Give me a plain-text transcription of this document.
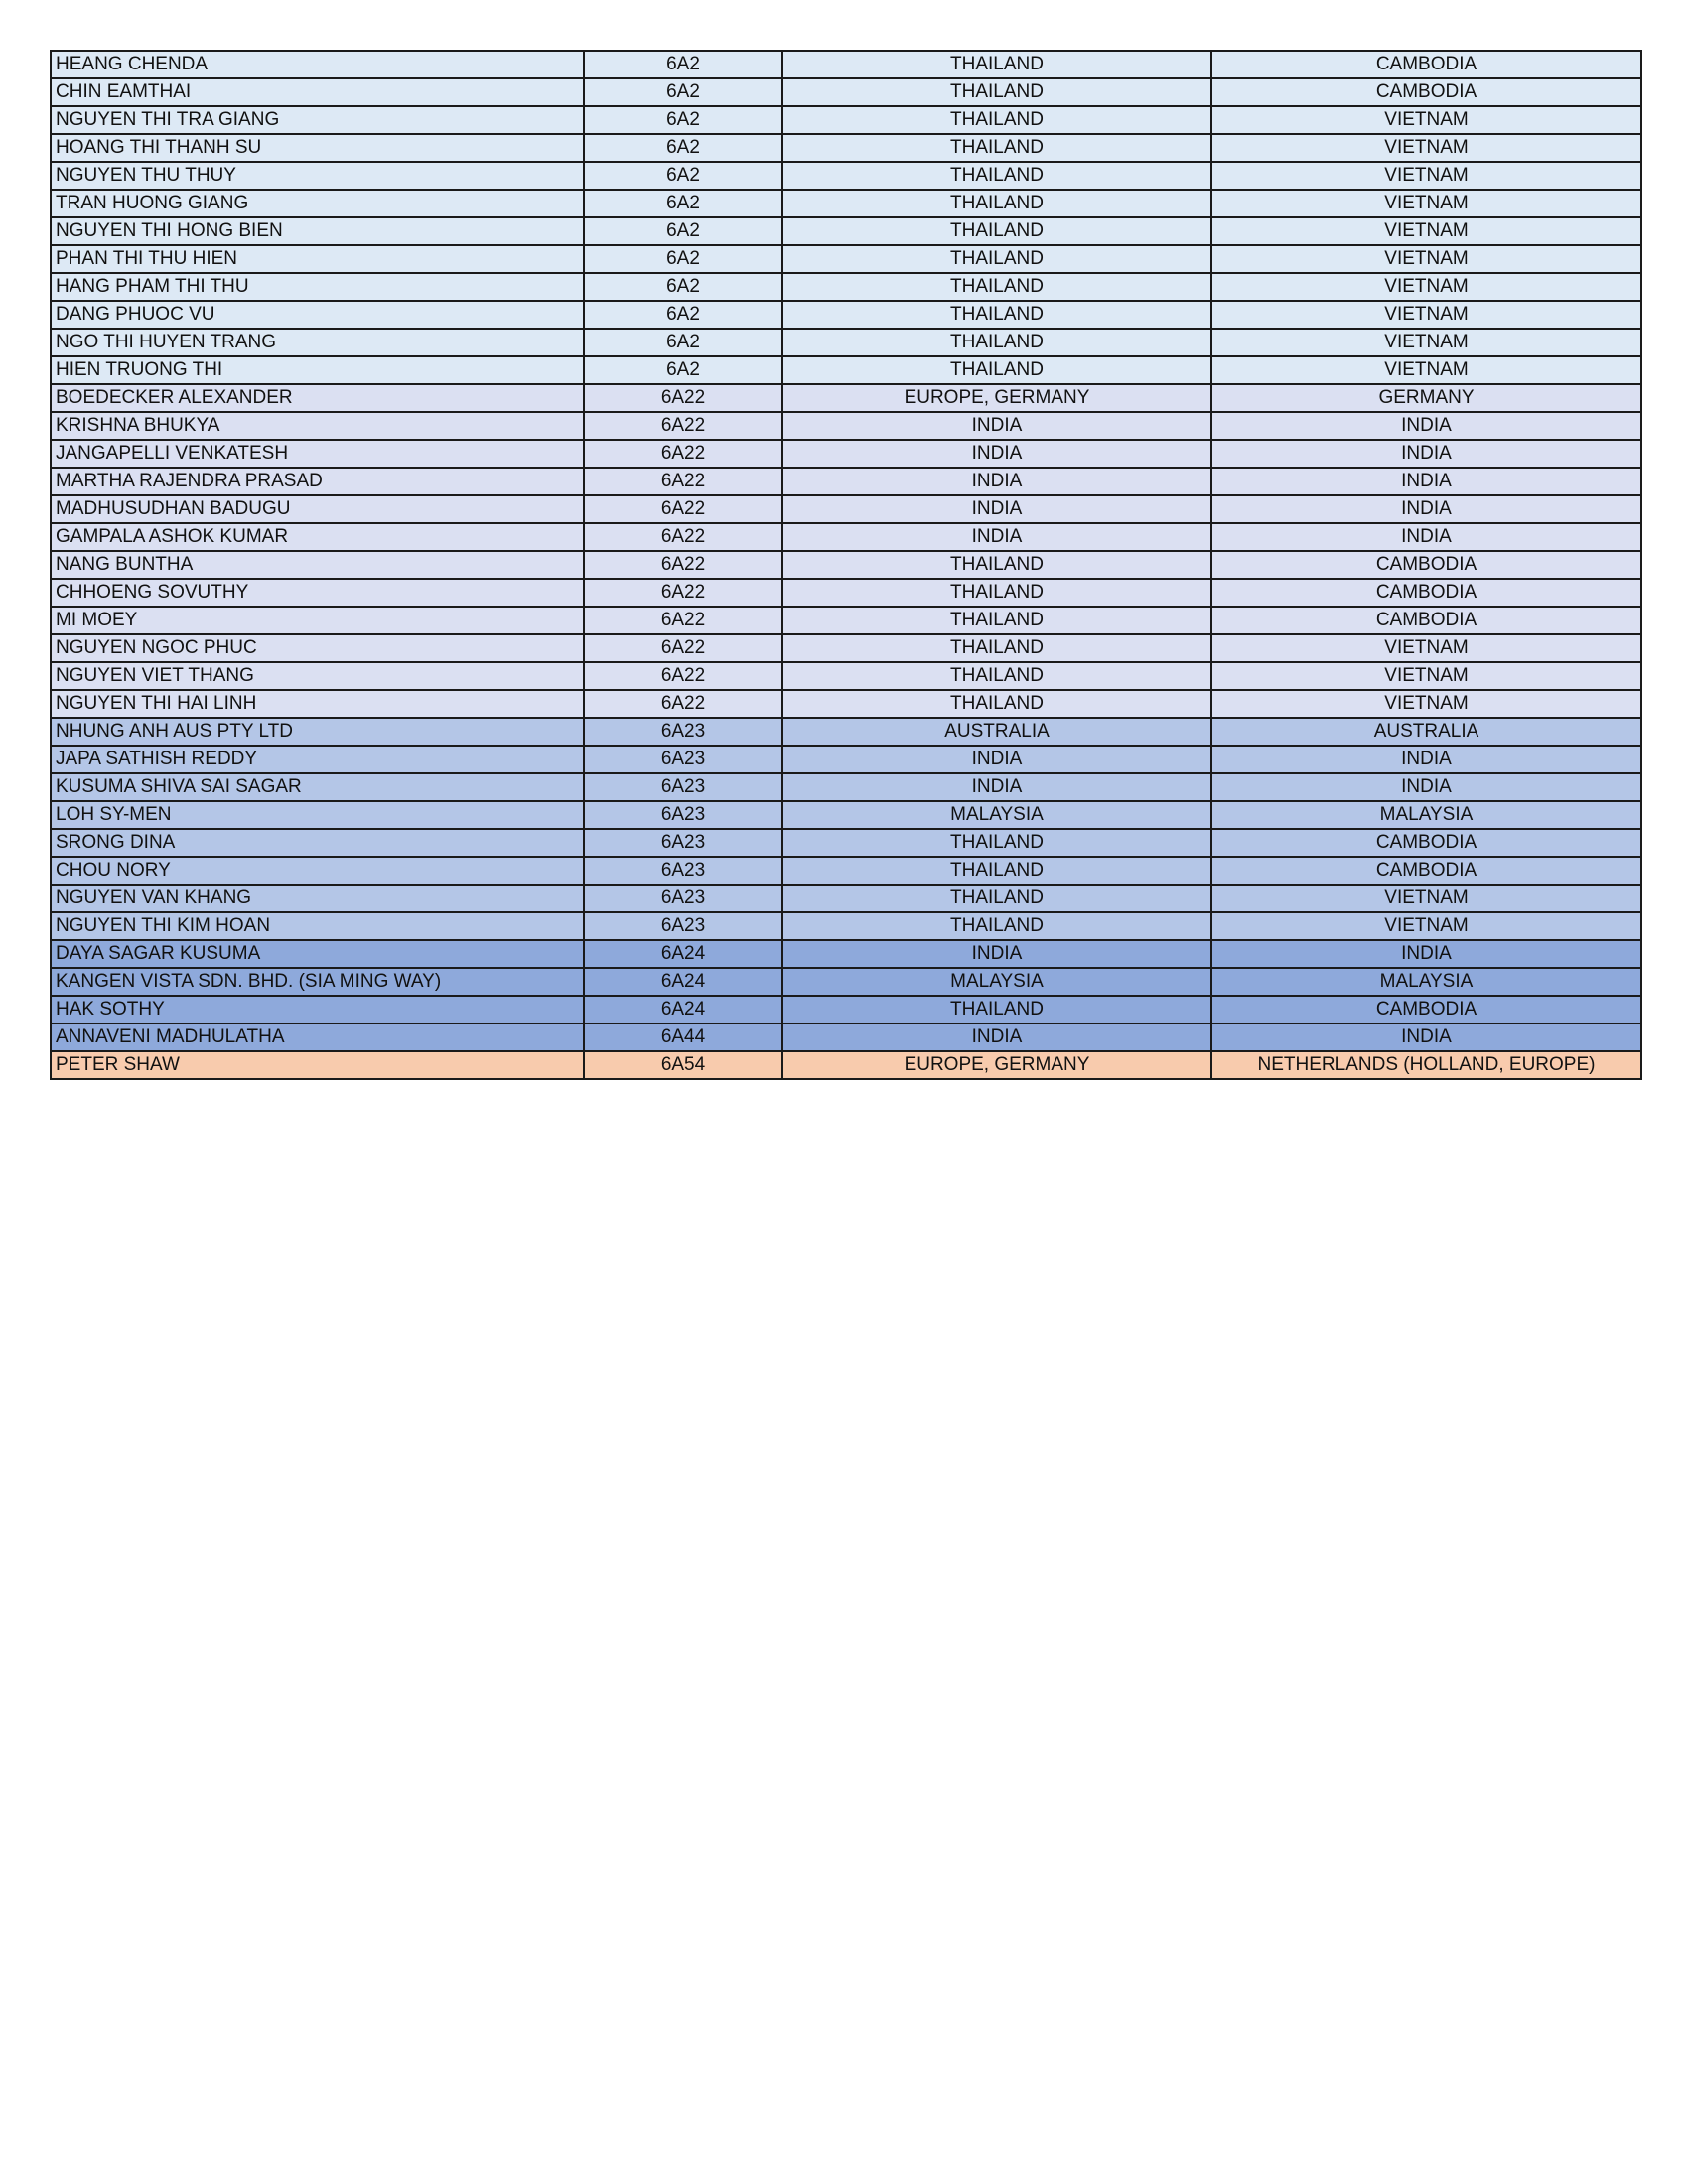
HEANG CHENDA	6A2	THAILAND	CAMBODIA
CHIN EAMTHAI	6A2	THAILAND	CAMBODIA
NGUYEN THI TRA GIANG	6A2	THAILAND	VIETNAM
HOANG THI THANH SU	6A2	THAILAND	VIETNAM
NGUYEN THU THUY	6A2	THAILAND	VIETNAM
TRAN HUONG GIANG	6A2	THAILAND	VIETNAM
NGUYEN THI HONG BIEN	6A2	THAILAND	VIETNAM
PHAN THI THU HIEN	6A2	THAILAND	VIETNAM
HANG PHAM THI THU	6A2	THAILAND	VIETNAM
DANG PHUOC VU	6A2	THAILAND	VIETNAM
NGO THI HUYEN TRANG	6A2	THAILAND	VIETNAM
HIEN TRUONG THI	6A2	THAILAND	VIETNAM
BOEDECKER ALEXANDER	6A22	EUROPE, GERMANY	GERMANY
KRISHNA BHUKYA	6A22	INDIA	INDIA
JANGAPELLI VENKATESH	6A22	INDIA	INDIA
MARTHA RAJENDRA PRASAD	6A22	INDIA	INDIA
MADHUSUDHAN BADUGU	6A22	INDIA	INDIA
GAMPALA ASHOK KUMAR	6A22	INDIA	INDIA
NANG BUNTHA	6A22	THAILAND	CAMBODIA
CHHOENG SOVUTHY	6A22	THAILAND	CAMBODIA
MI MOEY	6A22	THAILAND	CAMBODIA
NGUYEN NGOC PHUC	6A22	THAILAND	VIETNAM
NGUYEN VIET THANG	6A22	THAILAND	VIETNAM
NGUYEN THI HAI LINH	6A22	THAILAND	VIETNAM
NHUNG ANH AUS PTY LTD	6A23	AUSTRALIA	AUSTRALIA
JAPA SATHISH REDDY	6A23	INDIA	INDIA
KUSUMA SHIVA SAI SAGAR	6A23	INDIA	INDIA
LOH SY-MEN	6A23	MALAYSIA	MALAYSIA
SRONG DINA	6A23	THAILAND	CAMBODIA
CHOU NORY	6A23	THAILAND	CAMBODIA
NGUYEN VAN KHANG	6A23	THAILAND	VIETNAM
NGUYEN THI KIM HOAN	6A23	THAILAND	VIETNAM
DAYA SAGAR KUSUMA	6A24	INDIA	INDIA
KANGEN VISTA SDN. BHD. (SIA MING WAY)	6A24	MALAYSIA	MALAYSIA
HAK SOTHY	6A24	THAILAND	CAMBODIA
ANNAVENI MADHULATHA	6A44	INDIA	INDIA
PETER SHAW	6A54	EUROPE, GERMANY	NETHERLANDS (HOLLAND, EUROPE)
